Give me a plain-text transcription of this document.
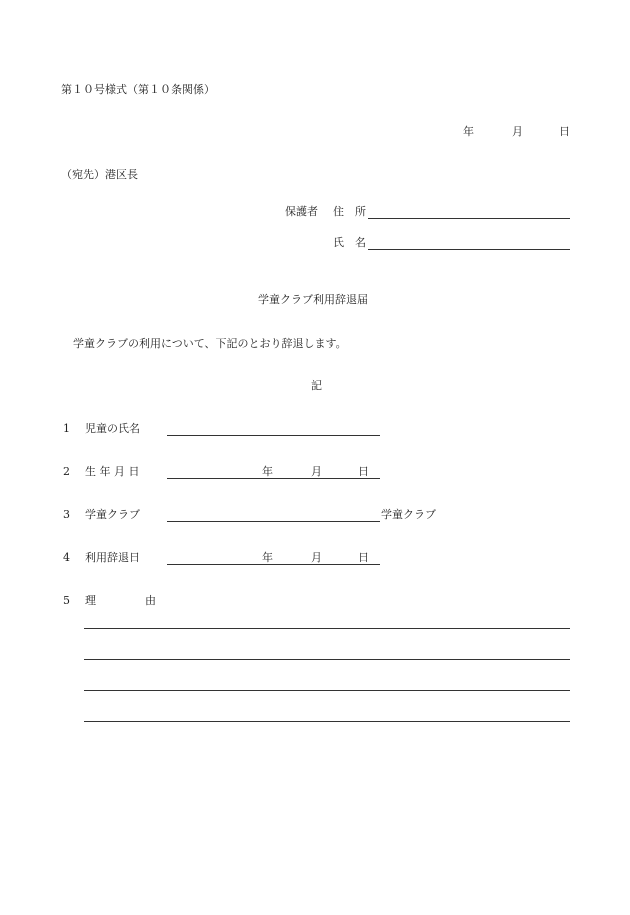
第１０号様式（第１０条関係）
年	月	日
（宛先）港区長
保護者 住　所
氏 名
学童クラブ利用辞退届
学童クラブの利用について、下記のとおり辞退します。
記
1 児童の氏名
2 生 年 月 日	年	月	日
3 学童クラブ	学童クラブ
4 利用辞退日	年	月	日
5 理	由
